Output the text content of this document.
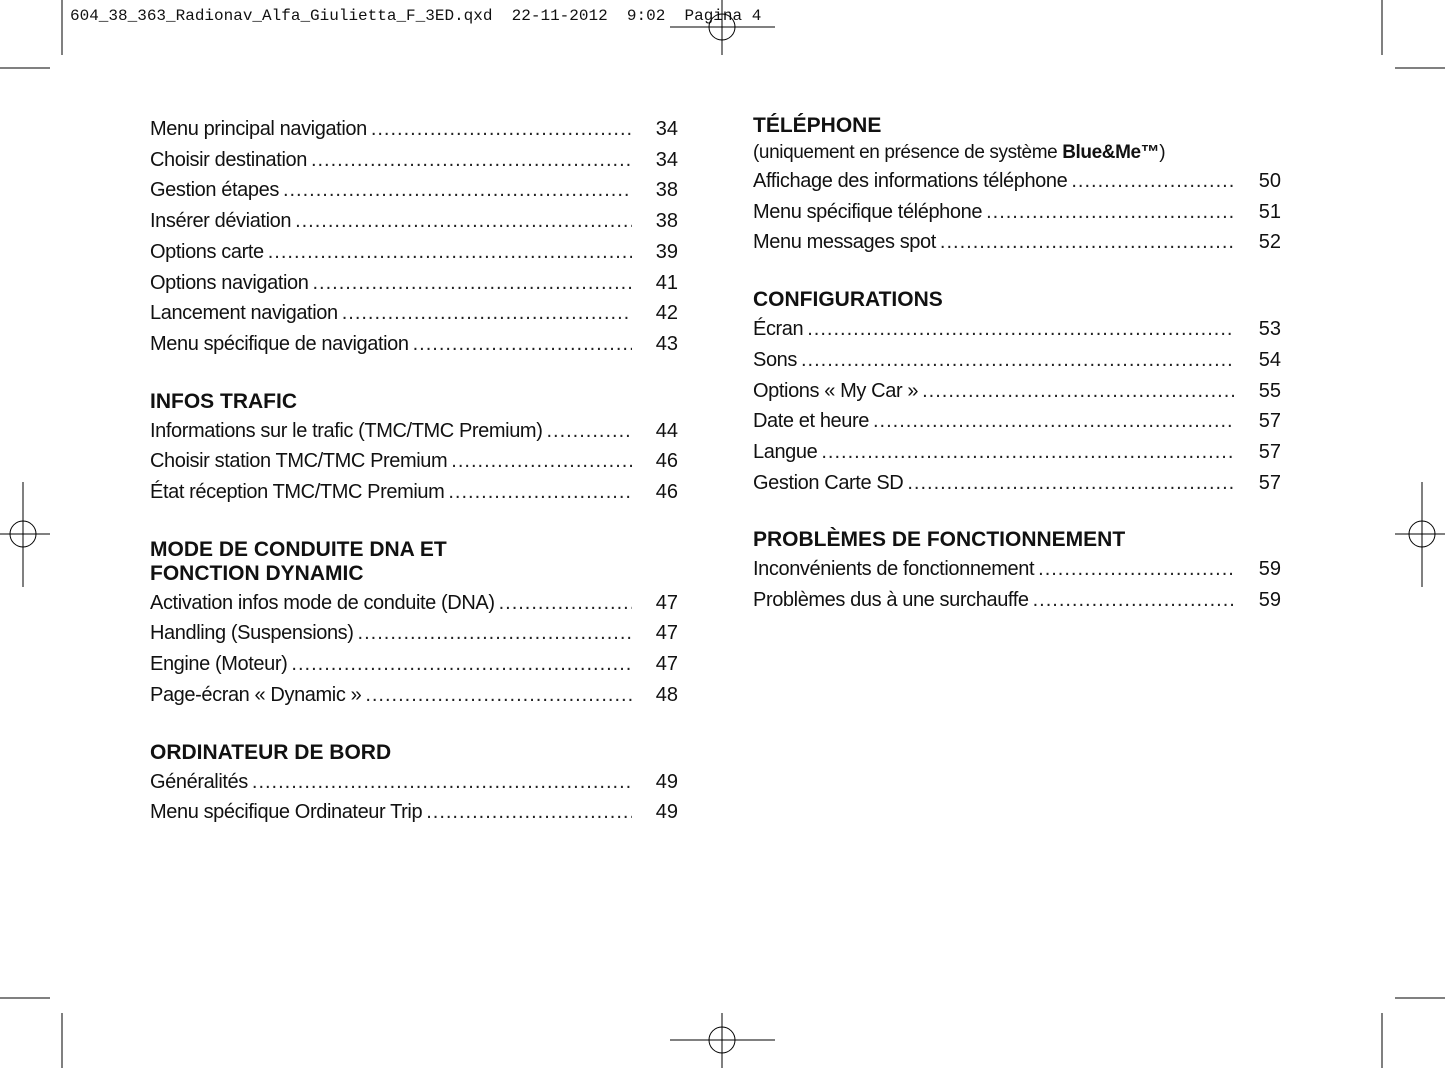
604_38_363_Radionav_Alfa_Giulietta_F_3ED.qxd  22-11-2012  9:02  Pagina 4
Menu principal navigation .....	34
Choisir destination .....	34
Gestion étapes .....	38
Insérer déviation .....	38
Options carte .....	39
Options navigation .....	41
Lancement navigation .....	42
Menu spécifique de navigation .....	43
INFOS TRAFIC
Informations sur le trafic (TMC/TMC Premium) .....	44
Choisir station TMC/TMC Premium .....	46
État réception TMC/TMC Premium .....	46
MODE DE CONDUITE DNA ET
FONCTION DYNAMIC
Activation infos mode de conduite (DNA) .....	47
Handling (Suspensions) .....	47
Engine (Moteur) .....	47
Page-écran « Dynamic » .....	48
ORDINATEUR DE BORD
Généralités .....	49
Menu spécifique Ordinateur Trip .....	49
TÉLÉPHONE
(uniquement en présence de système Blue&Me™)
Affichage des informations téléphone .....	50
Menu spécifique téléphone .....	51
Menu messages spot .....	52
CONFIGURATIONS
Écran .....	53
Sons .....	54
Options « My Car » .....	55
Date et heure .....	57
Langue .....	57
Gestion Carte SD .....	57
PROBLÈMES DE FONCTIONNEMENT
Inconvénients de fonctionnement .....	59
Problèmes dus à une surchauffe .....	59
